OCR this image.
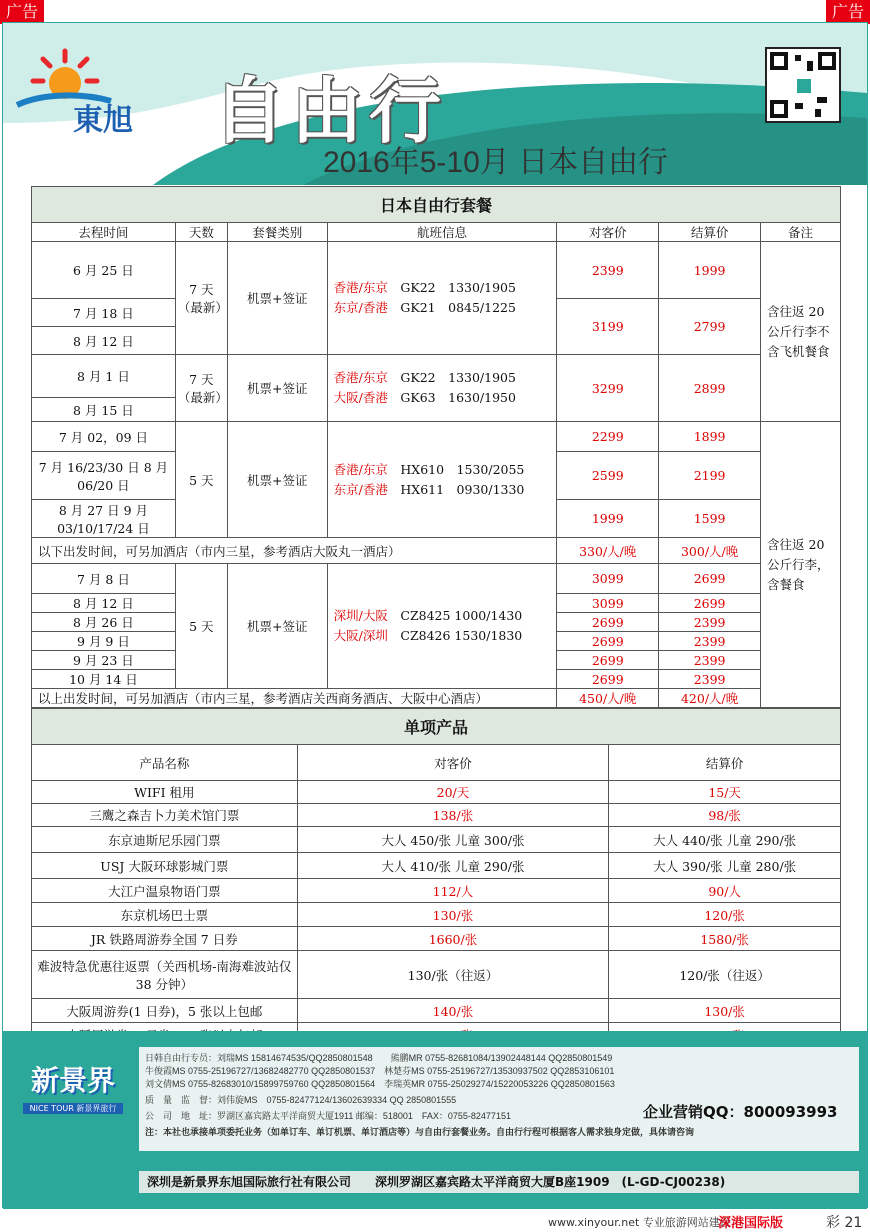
广告	广告
東旭 自由行
2016年5-10月 日本自由行
日本自由行套餐						
去程时间	天数	套餐类别	航班信息	对客价	结算价	备注
6 月 25 日	7 天（最新）	机票+签证	香港/东京　 GK22　1330/1905
东京/香港　 GK21　0845/1225	2399	1999	含往返 20 公斤行李不含飞机餐食
7 月 18 日				3199	2799	
8 月 12 日						
8 月 1 日	7 天（最新）	机票+签证	香港/东京　 GK22　1330/1905
大阪/香港　 GK63　1630/1950	3299	2899	
8 月 15 日						
7 月 02，09 日	5 天	机票+签证	香港/东京　 HX610　1530/2055
东京/香港　 HX611　0930/1330	2299	1899	含往返 20 公斤行李，含餐食
7 月 16/23/30 日 8 月 06/20 日				2599	2199	
8 月 27 日 9 月 03/10/17/24 日				1999	1599	
以下出发时间，可另加酒店（市内三星，参考酒店大阪丸一酒店）				330/人/晚	300/人/晚	
7 月 8 日	5 天	机票+签证	深圳/大阪　 CZ8425 1000/1430
大阪/深圳　 CZ8426 1530/1830	3099	2699	
8 月 12 日				3099	2699	
8 月 26 日				2699	2399	
9 月 9 日				2699	2399	
9 月 23 日				2699	2399	
10 月 14 日				2699	2399	
以上出发时间，可另加酒店（市内三星，参考酒店关西商务酒店、大阪中心酒店）				450/人/晚	420/人/晚	
单项产品		
产品名称	对客价	结算价
WIFI 租用	20/天	15/天
三鹰之森吉卜力美术馆门票	138/张	98/张
东京迪斯尼乐园门票	大人 450/张 儿童 300/张	大人 440/张 儿童 290/张
USJ 大阪环球影城门票	大人 410/张 儿童 290/张	大人 390/张 儿童 280/张
大江户温泉物语门票	112/人	90/人
东京机场巴士票	130/张	120/张
JR 铁路周游券全国 7 日券	1660/张	1580/张
难波特急优惠往返票（关西机场-南海难波站仅 38 分钟）	130/张（往返）	120/张（往返）
大阪周游券(1 日券)，5 张以上包邮	140/张	130/张

新景界
NICE TOUR 新景界旅行
日韩自由行专员：刘瑞MS 15814674535/QQ2850801548　　熊鹏MR 0755-82681084/13902448144 QQ2850801549
牛俊霞MS 0755-25196727/13682482770 QQ2850801537　林楚芬MS 0755-25196727/13530937502 QQ2853106101
刘文倩MS 0755-82683010/15899759760 QQ2850801564　李瑞英MR 0755-25029274/15220053226 QQ2850801563
质　量　监　督：刘伟旋MS　0755-82477124/13602639334 QQ 2850801555
公　司　地　址：罗湖区嘉宾路太平洋商贸大厦1911 邮编：518001　FAX：0755-82477151	企业营销QQ：800093993
注：本社也承接单项委托业务（如单订车、单订机票、单订酒店等）与自由行套餐业务。自由行行程可根据客人需求独身定做，具体请咨询
深圳是新景界东旭国际旅行社有限公司　　深圳罗湖区嘉宾路太平洋商贸大厦B座1909　(L-GD-CJ00238)
www.xinyour.net 专业旅游网站建设
深港国际版	彩 21
